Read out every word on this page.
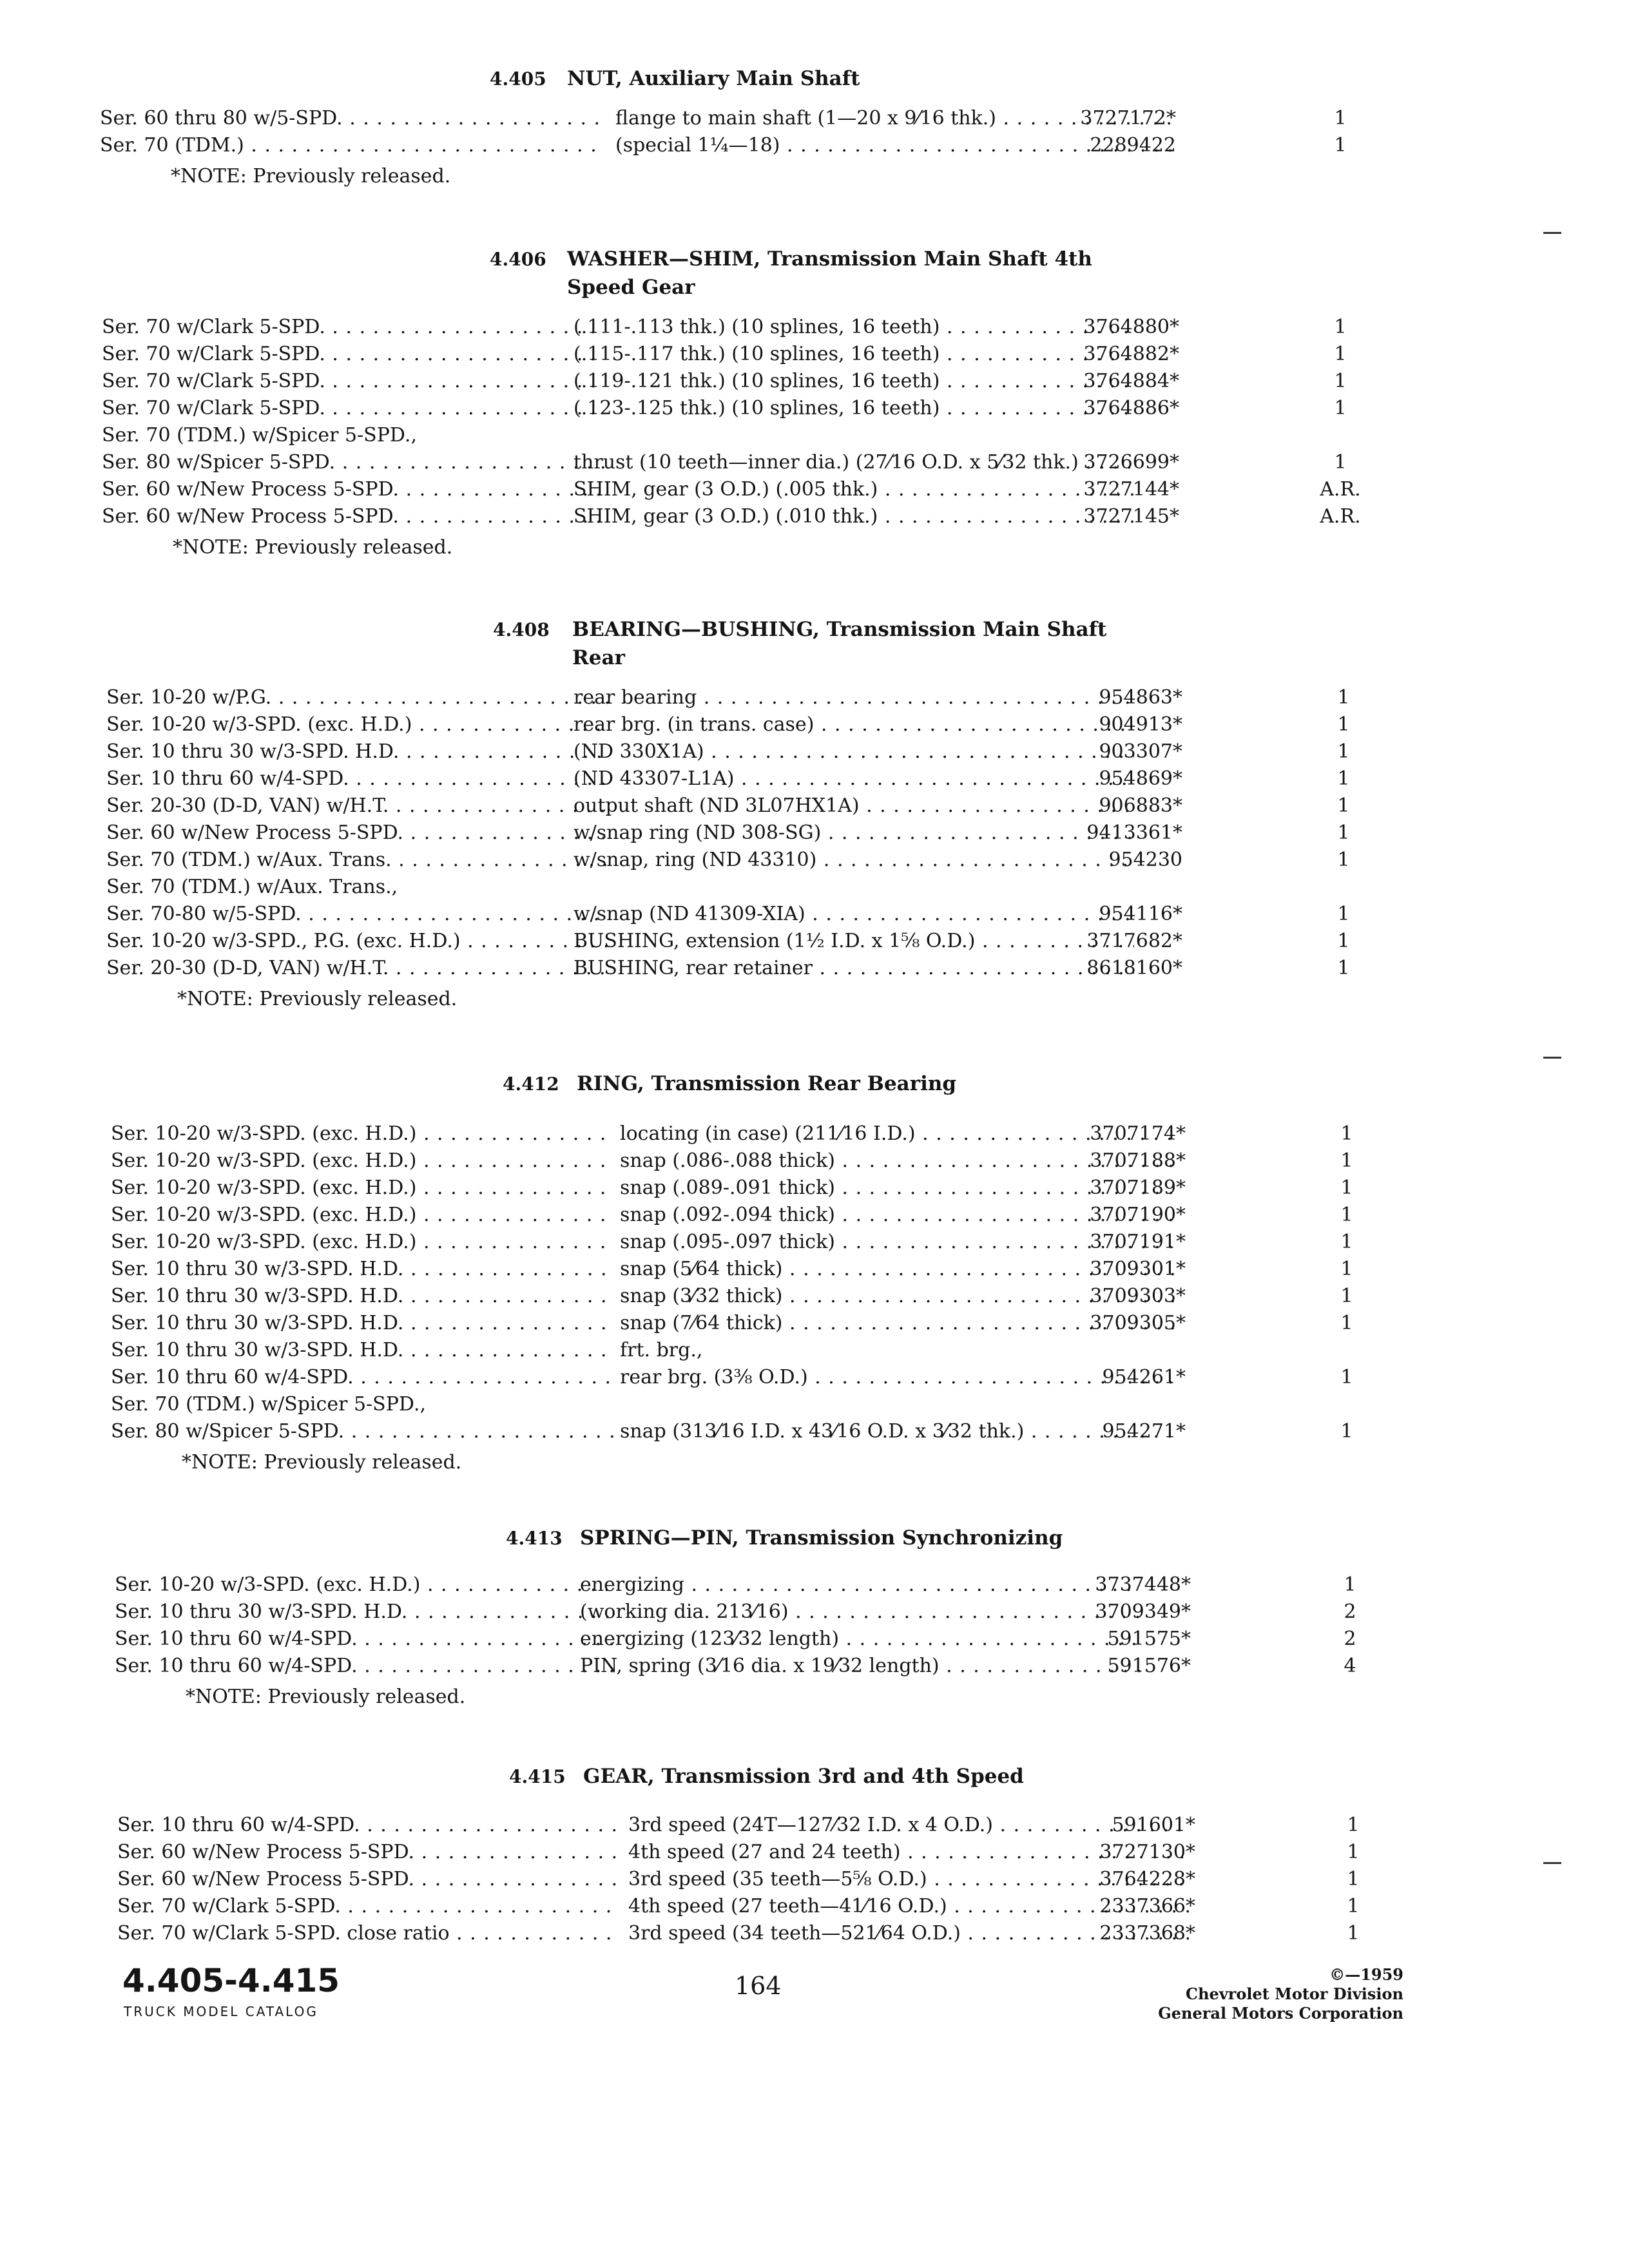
4.405 NUT, Auxiliary Main Shaft
Ser. 60 thru 80 w/5-SPD. . . .	flange to main shaft (1—20 x 9⁄16 thk.) . . .	3727172*	1
Ser. 70 (TDM.) . . .	(special 1¼—18) . . .	2289422	1
*NOTE: Previously released.
4.406 WASHER—SHIM, Transmission Main Shaft 4th Speed Gear
Ser. 70 w/Clark 5-SPD. . . .	(.111-.113 thk.) (10 splines, 16 teeth) . . .	3764880*	1
Ser. 70 w/Clark 5-SPD. . . .	(.115-.117 thk.) (10 splines, 16 teeth) . . .	3764882*	1
Ser. 70 w/Clark 5-SPD. . . .	(.119-.121 thk.) (10 splines, 16 teeth) . . .	3764884*	1
Ser. 70 w/Clark 5-SPD. . . .	(.123-.125 thk.) (10 splines, 16 teeth) . . .	3764886*	1
Ser. 70 (TDM.) w/Spicer 5-SPD.,
Ser. 80 w/Spicer 5-SPD. . . .	thrust (10 teeth—inner dia.) (27⁄16 O.D. x 5⁄32 thk.) . . . 3726699*	1
Ser. 60 w/New Process 5-SPD. . . .	SHIM, gear (3 O.D.) (.005 thk.) . . .	3727144*	A.R.
Ser. 60 w/New Process 5-SPD. . . .	SHIM, gear (3 O.D.) (.010 thk.) . . .	3727145*	A.R.
*NOTE: Previously released.
4.408 BEARING—BUSHING, Transmission Main Shaft Rear
Ser. 10-20 w/P.G. . . .	rear bearing . . .	954863*	1
Ser. 10-20 w/3-SPD. (exc. H.D.) . . .	rear brg. (in trans. case) . . .	904913*	1
Ser. 10 thru 30 w/3-SPD. H.D. . . .	(ND 330X1A) . . .	903307*	1
Ser. 10 thru 60 w/4-SPD. . . .	(ND 43307-L1A) . . .	954869*	1
Ser. 20-30 (D-D, VAN) w/H.T. . . .	output shaft (ND 3L07HX1A) . . .	906883*	1
Ser. 60 w/New Process 5-SPD. . . .	w/snap ring (ND 308-SG) . . .	9413361*	1
Ser. 70 (TDM.) w/Aux. Trans. . . .	w/snap, ring (ND 43310) . . .	954230	1
Ser. 70 (TDM.) w/Aux. Trans.,
Ser. 70-80 w/5-SPD. . . .	w/snap (ND 41309-XIA) . . .	954116*	1
Ser. 10-20 w/3-SPD., P.G. (exc. H.D.) . . .	BUSHING, extension (1½ I.D. x 1⅝ O.D.) . . .	3717682*	1
Ser. 20-30 (D-D, VAN) w/H.T. . . .	BUSHING, rear retainer . . .	8618160*	1
*NOTE: Previously released.
4.412 RING, Transmission Rear Bearing
Ser. 10-20 w/3-SPD. (exc. H.D.) . . .	locating (in case) (211⁄16 I.D.) . . .	3707174*	1
Ser. 10-20 w/3-SPD. (exc. H.D.) . . .	snap (.086-.088 thick) . . .	3707188*	1
Ser. 10-20 w/3-SPD. (exc. H.D.) . . .	snap (.089-.091 thick) . . .	3707189*	1
Ser. 10-20 w/3-SPD. (exc. H.D.) . . .	snap (.092-.094 thick) . . .	3707190*	1
Ser. 10-20 w/3-SPD. (exc. H.D.) . . .	snap (.095-.097 thick) . . .	3707191*	1
Ser. 10 thru 30 w/3-SPD. H.D. . . .	snap (5⁄64 thick) . . .	3709301*	1
Ser. 10 thru 30 w/3-SPD. H.D. . . .	snap (3⁄32 thick) . . .	3709303*	1
Ser. 10 thru 30 w/3-SPD. H.D. . . .	snap (7⁄64 thick) . . .	3709305*	1
Ser. 10 thru 30 w/3-SPD. H.D. . . .	frt. brg.,
Ser. 10 thru 60 w/4-SPD. . . .	rear brg. (3⅜ O.D.) . . .	954261*	1
Ser. 70 (TDM.) w/Spicer 5-SPD.,
Ser. 80 w/Spicer 5-SPD. . . .	snap (313⁄16 I.D. x 43⁄16 O.D. x 3⁄32 thk.) . . .	954271*	1
*NOTE: Previously released.
4.413 SPRING—PIN, Transmission Synchronizing
Ser. 10-20 w/3-SPD. (exc. H.D.) . . .	energizing . . .	3737448*	1
Ser. 10 thru 30 w/3-SPD. H.D. . . .	(working dia. 213⁄16) . . .	3709349*	2
Ser. 10 thru 60 w/4-SPD. . . .	energizing (123⁄32 length) . . .	591575*	2
Ser. 10 thru 60 w/4-SPD. . . .	PIN, spring (3⁄16 dia. x 19⁄32 length) . . .	591576*	4
*NOTE: Previously released.
4.415 GEAR, Transmission 3rd and 4th Speed
Ser. 10 thru 60 w/4-SPD. . . .	3rd speed (24T—127⁄32 I.D. x 4 O.D.) . . .	591601*	1
Ser. 60 w/New Process 5-SPD. . . .	4th speed (27 and 24 teeth) . . .	3727130*	1
Ser. 60 w/New Process 5-SPD. . . .	3rd speed (35 teeth—5⅝ O.D.) . . .	3764228*	1
Ser. 70 w/Clark 5-SPD. . . .	4th speed (27 teeth—41⁄16 O.D.) . . .	2337366*	1
Ser. 70 w/Clark 5-SPD. close ratio . . .	3rd speed (34 teeth—521⁄64 O.D.) . . .	2337368*	1
4.405-4.415
TRUCK MODEL CATALOG
164	©—1959
Chevrolet Motor Division
General Motors Corporation
